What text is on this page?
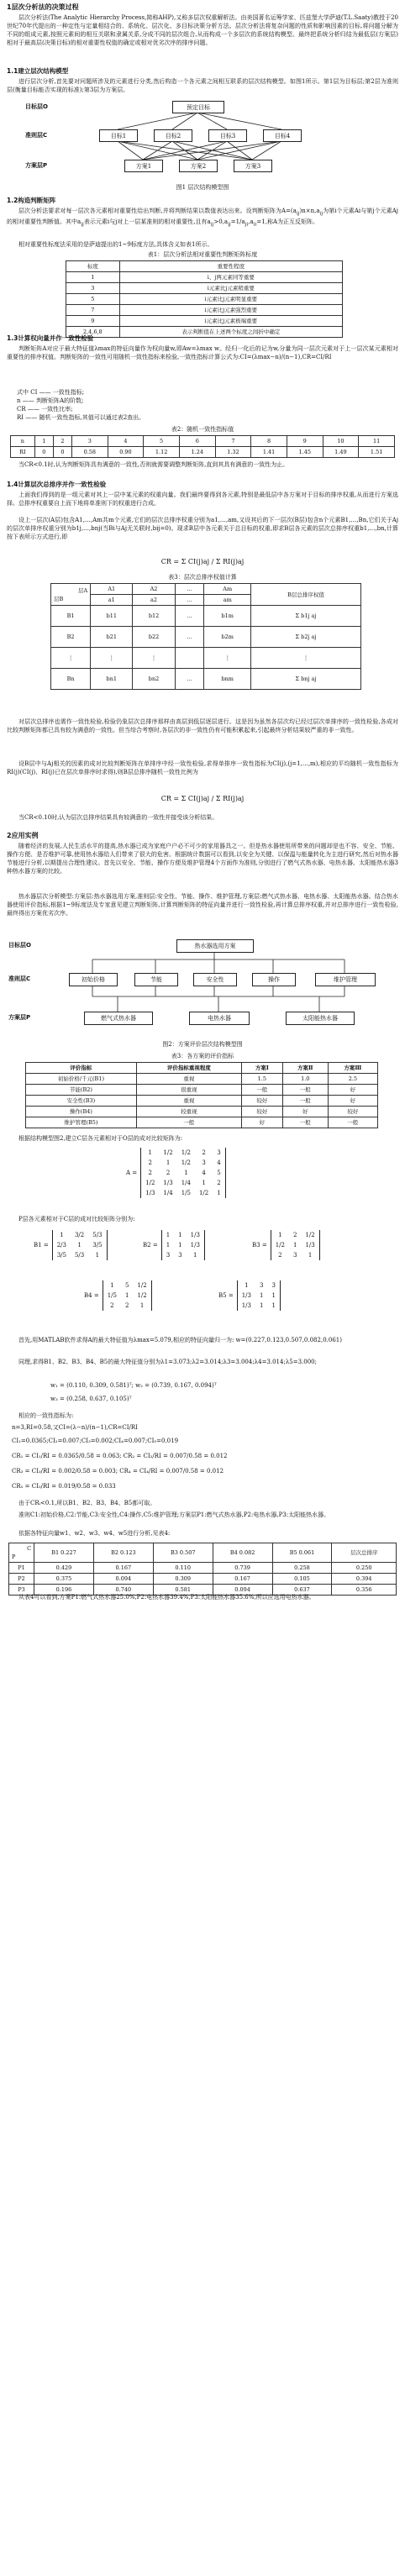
1层次分析法的决策过程
层次分析法(The Analytic Hierarchy Process,简称AHP),又称多层次权重解析法。由美国著名运筹学家、匹兹堡大学萨迪(T.L.Saaty)教授于20世纪70年代提出的一种定性与定量相结合的、系统化、层次化、多目标决策分析方法。层次分析法将复杂问题的性质和影响因素的目标,将问题分解为不同的组成元素,按照元素间的相互关联和隶属关系,分成不同的层次组合,从而构成一个多层次的系统结构模型。最终把系统分析归结为最低层(方案层)相对于最高层(决策目标)的相对重要性权值的确定或相对优劣次序的排序问题。
1.1建立层次结构模型
进行层次分析,首先要对问题所涉及的元素进行分类,然后构造一个各元素之间相互联系的层次结构模型。如图1所示。第1层为目标层;第2层为准则层(衡量目标能否实现的标准);第3层为方案层。
目标层O
准则层C
方案层P
预定目标
目标1	目标2	目标3	目标4
方案1	方案2	方案3
图1 层次结构模型图
1.2构造判断矩阵
层次分析法要求对每一层次各元素相对重要性给出判断,并将判断结果以数值表达出来。设判断矩阵为$A=(a_{ij})n\times n,a_{ij}$为第i个元素Ai与第j个元素Aj的相对重要性判断值。其中$a_{ij}$表示元素i与j对上一层某准则的相对重要性,且有$a_{ij}>0,a_{ij}=1/a_{ji},a_{ii}=1$,称A为正互反矩阵。
相对重要性标度法采用的是萨迪提出的1~9标度方法,具体含义如表1所示。
表1：层次分析法相对重要性判断矩阵标度
标度	重要性程度
1	i、j两元素同等重要
3	i元素比j元素稍重要
5	i元素比j元素明显重要
7	i元素比j元素强烈重要
9	i元素比j元素极端重要
2,4,6,8	表示判断值在上述两个标度之间折中确定
1.3计算权向量并作一致性检验
判断矩阵A对应于最大特征值λmax的特征向量作为权向量w,即Aw=λmax w。经归一化后的记为w,分量为同一层次元素对于上一层次某元素相对重要性的排序权值。判断矩阵的一致性可用随机一致性指标来检验,一致性指标计算公式为:CI=(λmax−n)/(n−1),CR=CI/RI
式中 CI —— 一致性指标;
n —— 判断矩阵A的阶数;
CR —— 一致性比率;
RI —— 随机一致性指标,其值可以通过表2查出。
表2：随机一致性指标值
n	1	2	3	4	5	6	7	8	9	10	11
RI	0	0	0.58	0.90	1.12	1.24	1.32	1.41	1.45	1.49	1.51
当CR<0.1时,认为判断矩阵具有满意的一致性,否则就需要调整判断矩阵,直到其具有满意的一致性为止。
1.4计算层次总排序并作一致性检验
上面我们得到的是一组元素对其上一层中某元素的权重向量。我们最终要得到各元素,特别是最低层中各方案对于目标的排序权重,从而进行方案选择。总排序权重要自上而下地将单准则下的权重进行合成。
设上一层次(A层)包含A1,…,Am共m个元素,它们的层次总排序权重分别为a1,…,am,又设其后的下一层次(B层)包含n个元素B1,…,Bn,它们关于Aj的层次单排序权重分别为b1j,…,bnj(当Bi与Aj无关联时,bij=0)。现求B层中各元素关于总目标的权重,即求B层各元素的层次总排序权重b1,…,bn,计算按下表所示方式进行,即
CR = Σ CI(j)aj / Σ RI(j)aj
表3：层次总排序权值计算
层A
层B	A1	A2	…	Am	B层总排序权值
	a1	a2	…	am	
B1	b11	b12	…	b1m	Σ b1j aj
B2	b21	b22	…	b2m	Σ b2j aj
⋮	⋮	⋮		⋮	⋮
Bn	bn1	bn2	…	bnm	Σ bnj aj
对层次总排序也需作一致性检验,检验仍象层次总排序那样由高层到低层逐层进行。这是因为虽然各层次均已经过层次单排序的一致性检验,各成对比较判断矩阵都已具有较为满意的一致性。但当综合考察时,各层次的非一致性仍有可能积累起来,引起最终分析结果较严重的非一致性。
设B层中与Aj相关的因素的成对比较判断矩阵在单排序中经一致性检验,求得单排序一致性指标为CI(j),(j=1,…,m),相应的平均随机一致性指标为RI(j)(CI(j)、RI(j)已在层次单排序时求得),则B层总排序随机一致性比例为
CR = Σ CI(j)aj / Σ RI(j)aj
当CR<0.10时,认为层次总排序结果具有较满意的一致性并接受该分析结果。
2应用实例
随着经济的发展,人民生活水平的提高,热水器已成为家庭户户必不可少的家用器具之一。但是热水器使用所带来的问题却是也不容、安全、节能、操作方便、是否维护可靠,使用热水器给人们带来了很大的危害。根据统计数据可以看到,以安全为关键、以保温与能量转化为主进行研究,然后对热水器节能进行分析,以期提出合理性建议。首先以安全、节能、操作方便及维护管理4个方面作为准则,分别进行了燃气式热水器、电热水器、太阳能热水器3种热水器方案的比较。
热水器层次分析模型:方案层:热水器选用方案,准则层:安全性、节能、操作、维护管理,方案层:燃气式热水器、电热水器、太阳能热水器。结合热水器使用评价指标,根据1~9标度法及专家意见建立判断矩阵,计算判断矩阵的特征向量并进行一致性检验,再计算总排序权重,并对总排序进行一致性检验,最终得出方案优劣次序。
目标层O
准则层C
方案层P
热水器选用方案
初始价格	节能	安全性	操作	维护管理
燃气式热水器	电热水器	太阳能热水器
图2：方案评价层次结构模型图
表3：各方案的评价指标
评价指标	评价指标重视程度	方案Ⅰ	方案Ⅱ	方案Ⅲ
初始价格/千元(B1)	重视	1.5	1.0	2.5
节能(B2)	很重视	一般	一般	好
安全性(B3)	重视	较好	一般	好
操作(B4)	较重视	较好	好	较好
维护管理(B5)	一般	好	一般	一般
根据结构模型图2,建立C层各元素相对于O层的成对比较矩阵为:
A =
1	1/2	1/2	2	3
2	1	1/2	3	4
2	2	1	4	5
1/2	1/3	1/4	1	2
1/3	1/4	1/5	1/2	1
P层各元素相对于C层的成对比较矩阵分别为:
B1 =
1	3/2	5/3
2/3	1	3/5
3/5	5/3	1
B2 =
1	1	1/3
1	1	1/3
3	3	1
B3 =
1	2	1/2
1/2	1	1/3
2	3	1
B4 =
1	5	1/2
1/5	1	1/2
2	2	1
B5 =
1	3	3
1/3	1	1
1/3	1	1
首先,用MATLAB软件求得A的最大特征值为λmax=5.079,相应的特征向量归一为: w=(0.227,0.123,0.507,0.082,0.061)
同理,求得B1、B2、B3、B4、B5的最大特征值分别为λ1=3.073;λ2=3.014;λ3=3.004;λ4=3.014;λ5=3.000;
w₁ = (0.110, 0.309, 0.581)ᵀ; w₂ = (0.739, 0.167, 0.094)ᵀ
w₃ = (0.258, 0.637, 0.105)ᵀ
相应的一致性指标为:
n=3,RI=0.58,又CI=(λ−n)/(n−1),CR=CI/RI
CI₁=0.0365;CI₂=0.007;CI₃=0.002;CI₄=0.007;CI₅=0.019
CR₁ = CI₁/RI = 0.0365/0.58 = 0.063; CR₂ = CI₂/RI = 0.007/0.58 = 0.012
CR₃ = CI₃/RI = 0.002/0.58 = 0.003; CR₄ = CI₄/RI = 0.007/0.58 = 0.012
CR₅ = CI₅/RI = 0.019/0.58 = 0.033
由于CRᵢ<0.1,所以B1、B2、B3、B4、B5都可取。
准则C1:初始价格,C2:节能,C3:安全性,C4:操作,C5:维护管理;方案层P1:燃气式热水器,P2:电热水器,P3:太阳能热水器。
依据各特征向量w1、w2、w3、w4、w5进行分析,见表4:
C
P	B1 0.227	B2 0.123	B3 0.507	B4 0.082	B5 0.061	层次总排序
P1	0.429	0.167	0.110	0.739	0.258	0.250
P2	0.375	0.094	0.309	0.167	0.105	0.394
P3	0.196	0.740	0.581	0.094	0.637	0.356
从表4可以看到,方案P1:燃气式热水器25.0%,P2:电热水器39.4%,P3:太阳能热水器35.6%,所以应选用电热水器。
